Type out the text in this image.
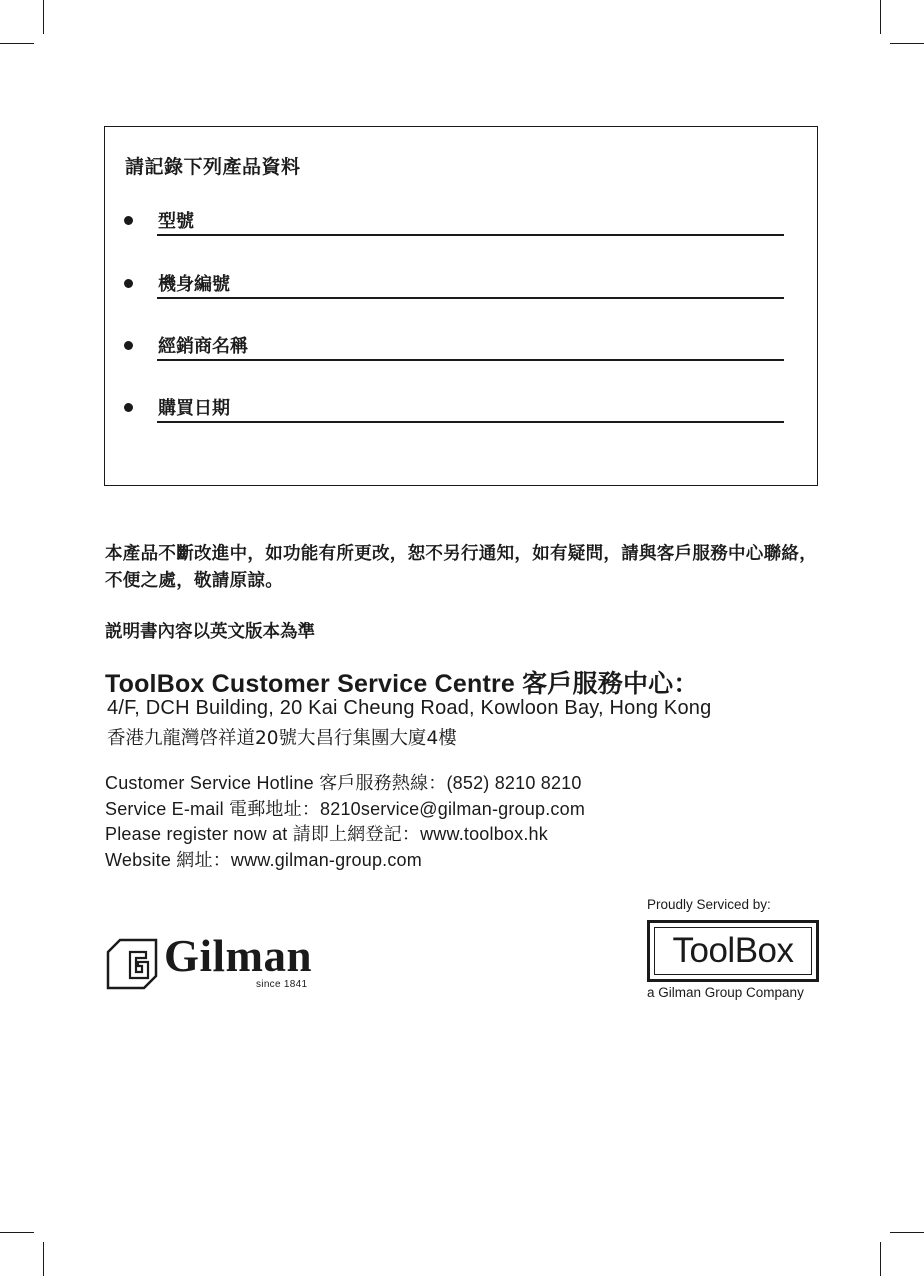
請記錄下列產品資料
型號
機身編號
經銷商名稱
購買日期
本產品不斷改進中，如功能有所更改，恕不另行通知，如有疑問，請與客戶服務中心聯絡，不便之處，敬請原諒。
説明書內容以英文版本為準
ToolBox Customer Service Centre 客戶服務中心：
4/F, DCH Building, 20 Kai Cheung Road, Kowloon Bay, Hong Kong
香港九龍灣啓祥道20號大昌行集團大廈4樓
Customer Service Hotline 客戶服務熱線：(852) 8210 8210
Service E-mail 電郵地址：8210service@gilman-group.com
Please register now at 請即上網登記：www.toolbox.hk
Website 網址：www.gilman-group.com
Gilman
since 1841
Proudly Serviced by:
ToolBox
a Gilman Group Company
